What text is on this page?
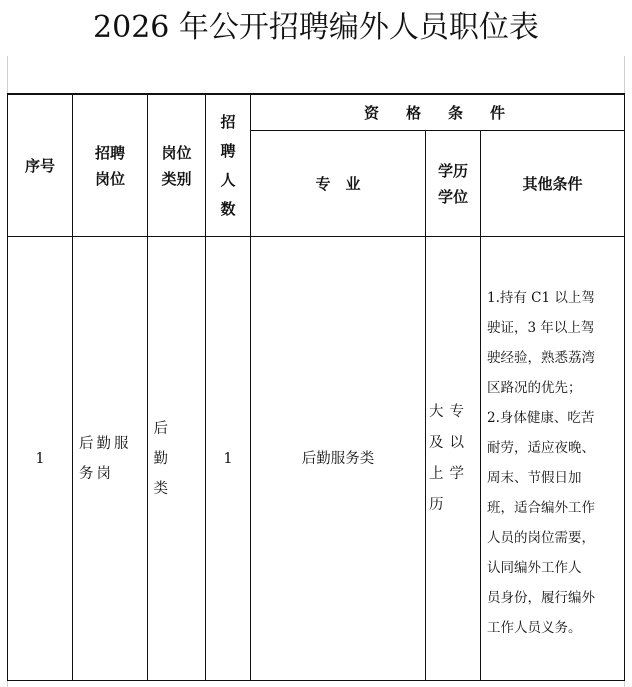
2026 年公开招聘编外人员职位表
序号
招聘岗位
岗位类别
招聘人数
资　格　条　件
专　业
学历学位
其他条件
1
后勤服务岗
后勤类
1	后勤服务类
大专及以上学历
1.持有 C1 以上驾
驶证，3 年以上驾
驶经验，熟悉荔湾
区路况的优先；
2.身体健康、吃苦
耐劳，适应夜晚、
周末、节假日加
班，适合编外工作
人员的岗位需要，
认同编外工作人
员身份，履行编外
工作人员义务。
